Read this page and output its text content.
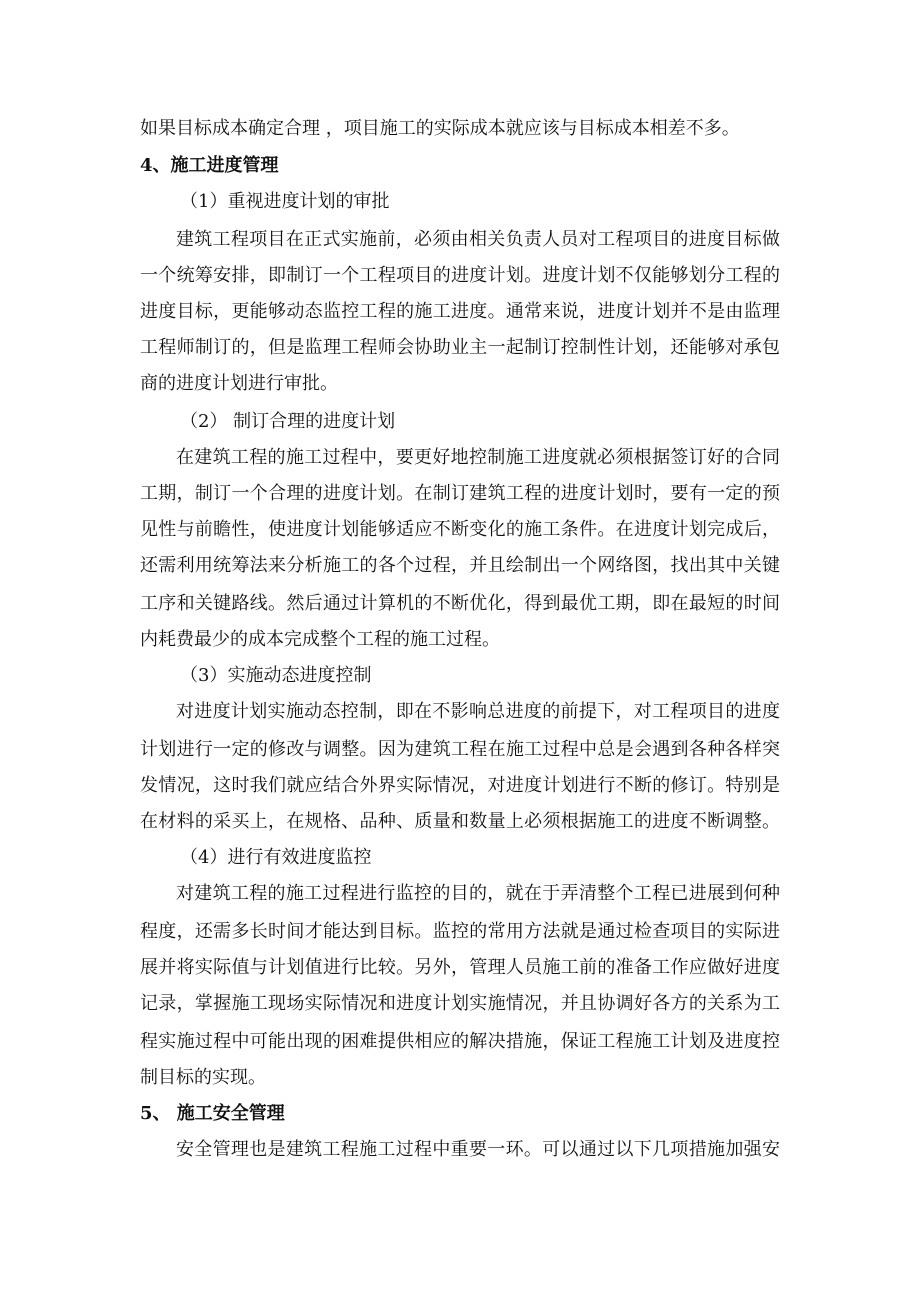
如果目标成本确定合理 ，项目施工的实际成本就应该与目标成本相差不多。

4、施工进度管理

（1）重视进度计划的审批

建筑工程项目在正式实施前，必须由相关负责人员对工程项目的进度目标做

一个统筹安排，即制订一个工程项目的进度计划。进度计划不仅能够划分工程的

进度目标，更能够动态监控工程的施工进度。通常来说，进度计划并不是由监理

工程师制订的，但是监理工程师会协助业主一起制订控制性计划，还能够对承包

商的进度计划进行审批。

（2） 制订合理的进度计划

在建筑工程的施工过程中，要更好地控制施工进度就必须根据签订好的合同

工期，制订一个合理的进度计划。在制订建筑工程的进度计划时，要有一定的预

见性与前瞻性，使进度计划能够适应不断变化的施工条件。在进度计划完成后，

还需利用统筹法来分析施工的各个过程，并且绘制出一个网络图，找出其中关键

工序和关键路线。然后通过计算机的不断优化，得到最优工期，即在最短的时间

内耗费最少的成本完成整个工程的施工过程。

（3）实施动态进度控制

对进度计划实施动态控制，即在不影响总进度的前提下，对工程项目的进度

计划进行一定的修改与调整。因为建筑工程在施工过程中总是会遇到各种各样突

发情况，这时我们就应结合外界实际情况，对进度计划进行不断的修订。特别是

在材料的采买上，在规格、品种、质量和数量上必须根据施工的进度不断调整。

（4）进行有效进度监控

对建筑工程的施工过程进行监控的目的，就在于弄清整个工程已进展到何种

程度，还需多长时间才能达到目标。监控的常用方法就是通过检查项目的实际进

展并将实际值与计划值进行比较。另外，管理人员施工前的准备工作应做好进度

记录，掌握施工现场实际情况和进度计划实施情况，并且协调好各方的关系为工

程实施过程中可能出现的困难提供相应的解决措施，保证工程施工计划及进度控

制目标的实现。

5、 施工安全管理

安全管理也是建筑工程施工过程中重要一环。可以通过以下几项措施加强安
